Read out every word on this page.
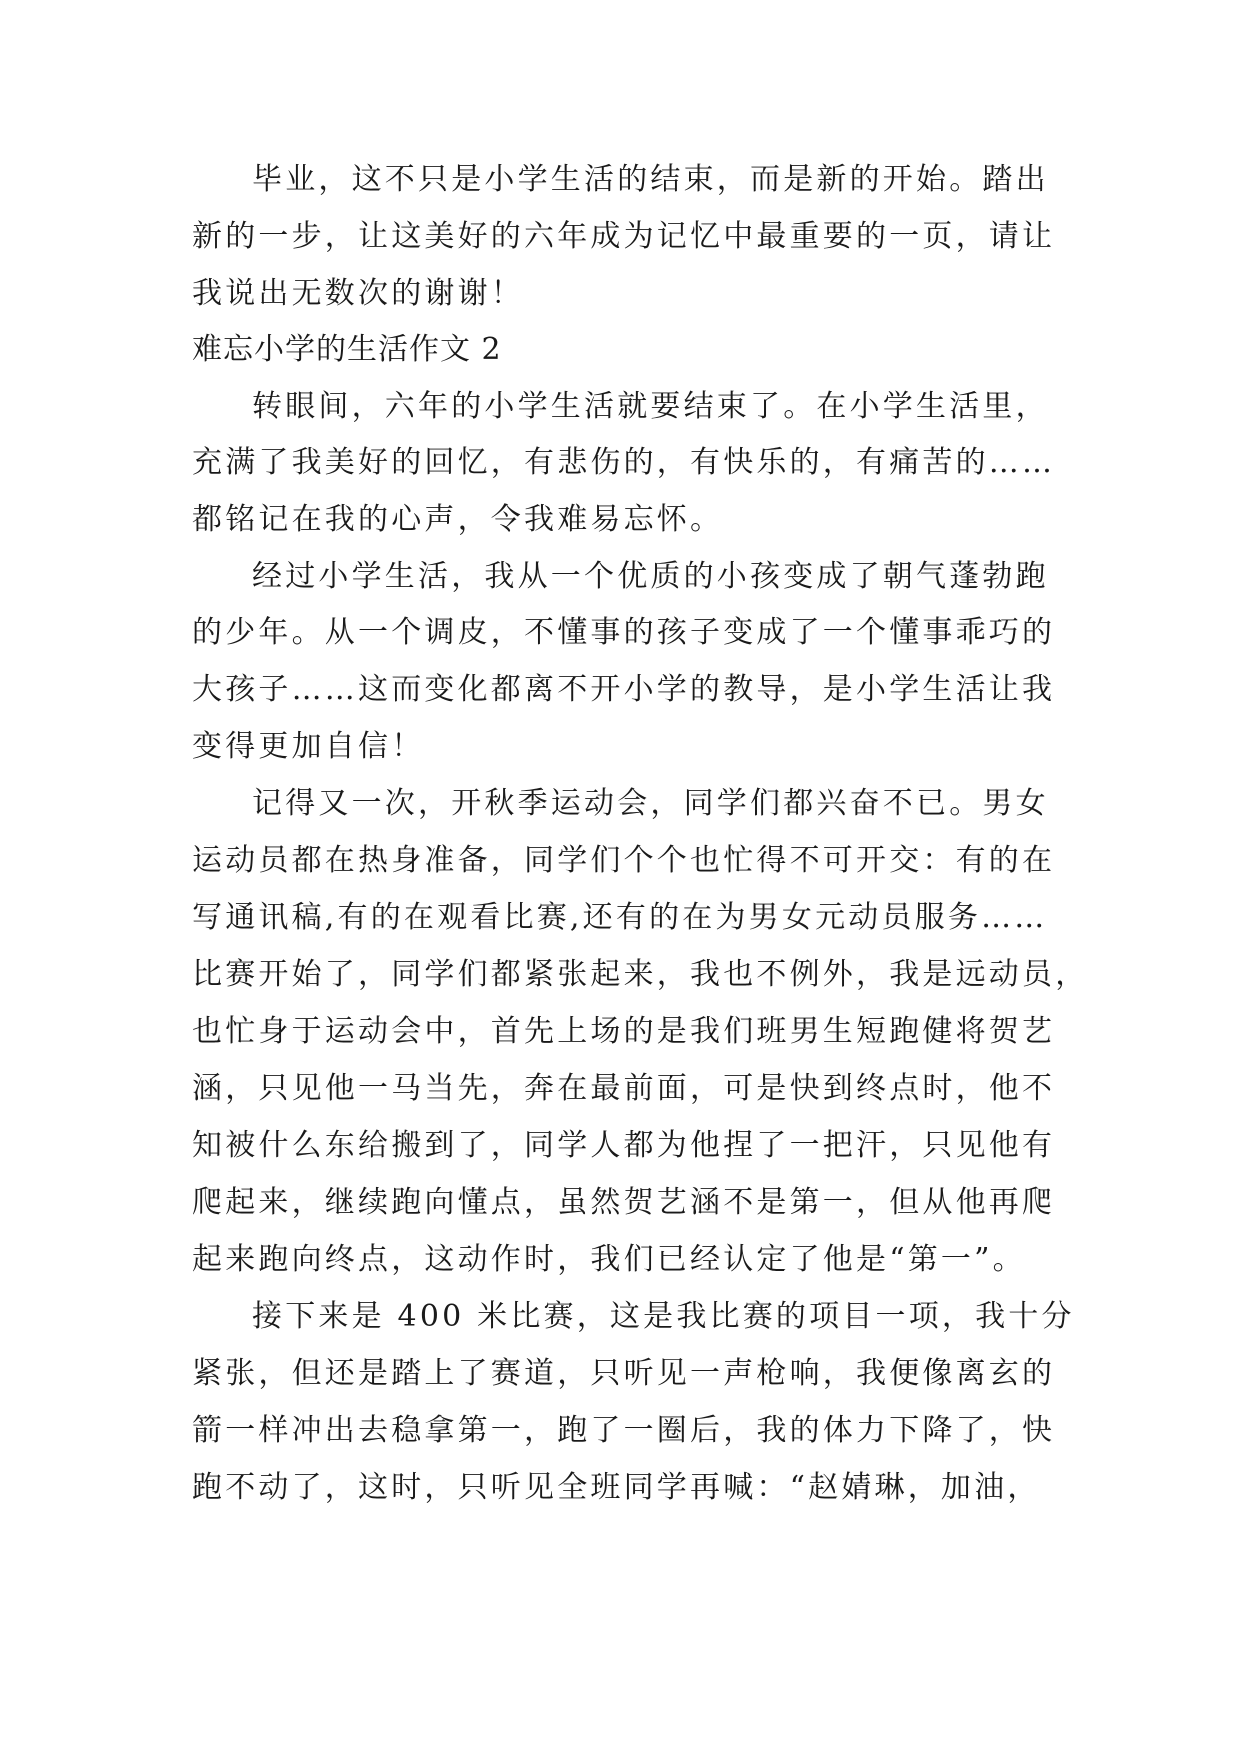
毕业，这不只是小学生活的结束，而是新的开始。踏出
新的一步，让这美好的六年成为记忆中最重要的一页，请让
我说出无数次的谢谢！
难忘小学的生活作文 2
转眼间，六年的小学生活就要结束了。在小学生活里，
充满了我美好的回忆，有悲伤的，有快乐的，有痛苦的……
都铭记在我的心声，令我难易忘怀。
经过小学生活，我从一个优质的小孩变成了朝气蓬勃跑
的少年。从一个调皮，不懂事的孩子变成了一个懂事乖巧的
大孩子……这而变化都离不开小学的教导，是小学生活让我
变得更加自信！
记得又一次，开秋季运动会，同学们都兴奋不已。男女
运动员都在热身准备，同学们个个也忙得不可开交：有的在
写通讯稿,有的在观看比赛,还有的在为男女元动员服务……
比赛开始了，同学们都紧张起来，我也不例外，我是远动员，
也忙身于运动会中，首先上场的是我们班男生短跑健将贺艺
涵，只见他一马当先，奔在最前面，可是快到终点时，他不
知被什么东给搬到了，同学人都为他捏了一把汗，只见他有
爬起来，继续跑向懂点，虽然贺艺涵不是第一，但从他再爬
起来跑向终点，这动作时，我们已经认定了他是“第一”。
接下来是 400 米比赛，这是我比赛的项目一项，我十分
紧张，但还是踏上了赛道，只听见一声枪响，我便像离玄的
箭一样冲出去稳拿第一，跑了一圈后，我的体力下降了，快
跑不动了，这时，只听见全班同学再喊：“赵婧琳，加油，
